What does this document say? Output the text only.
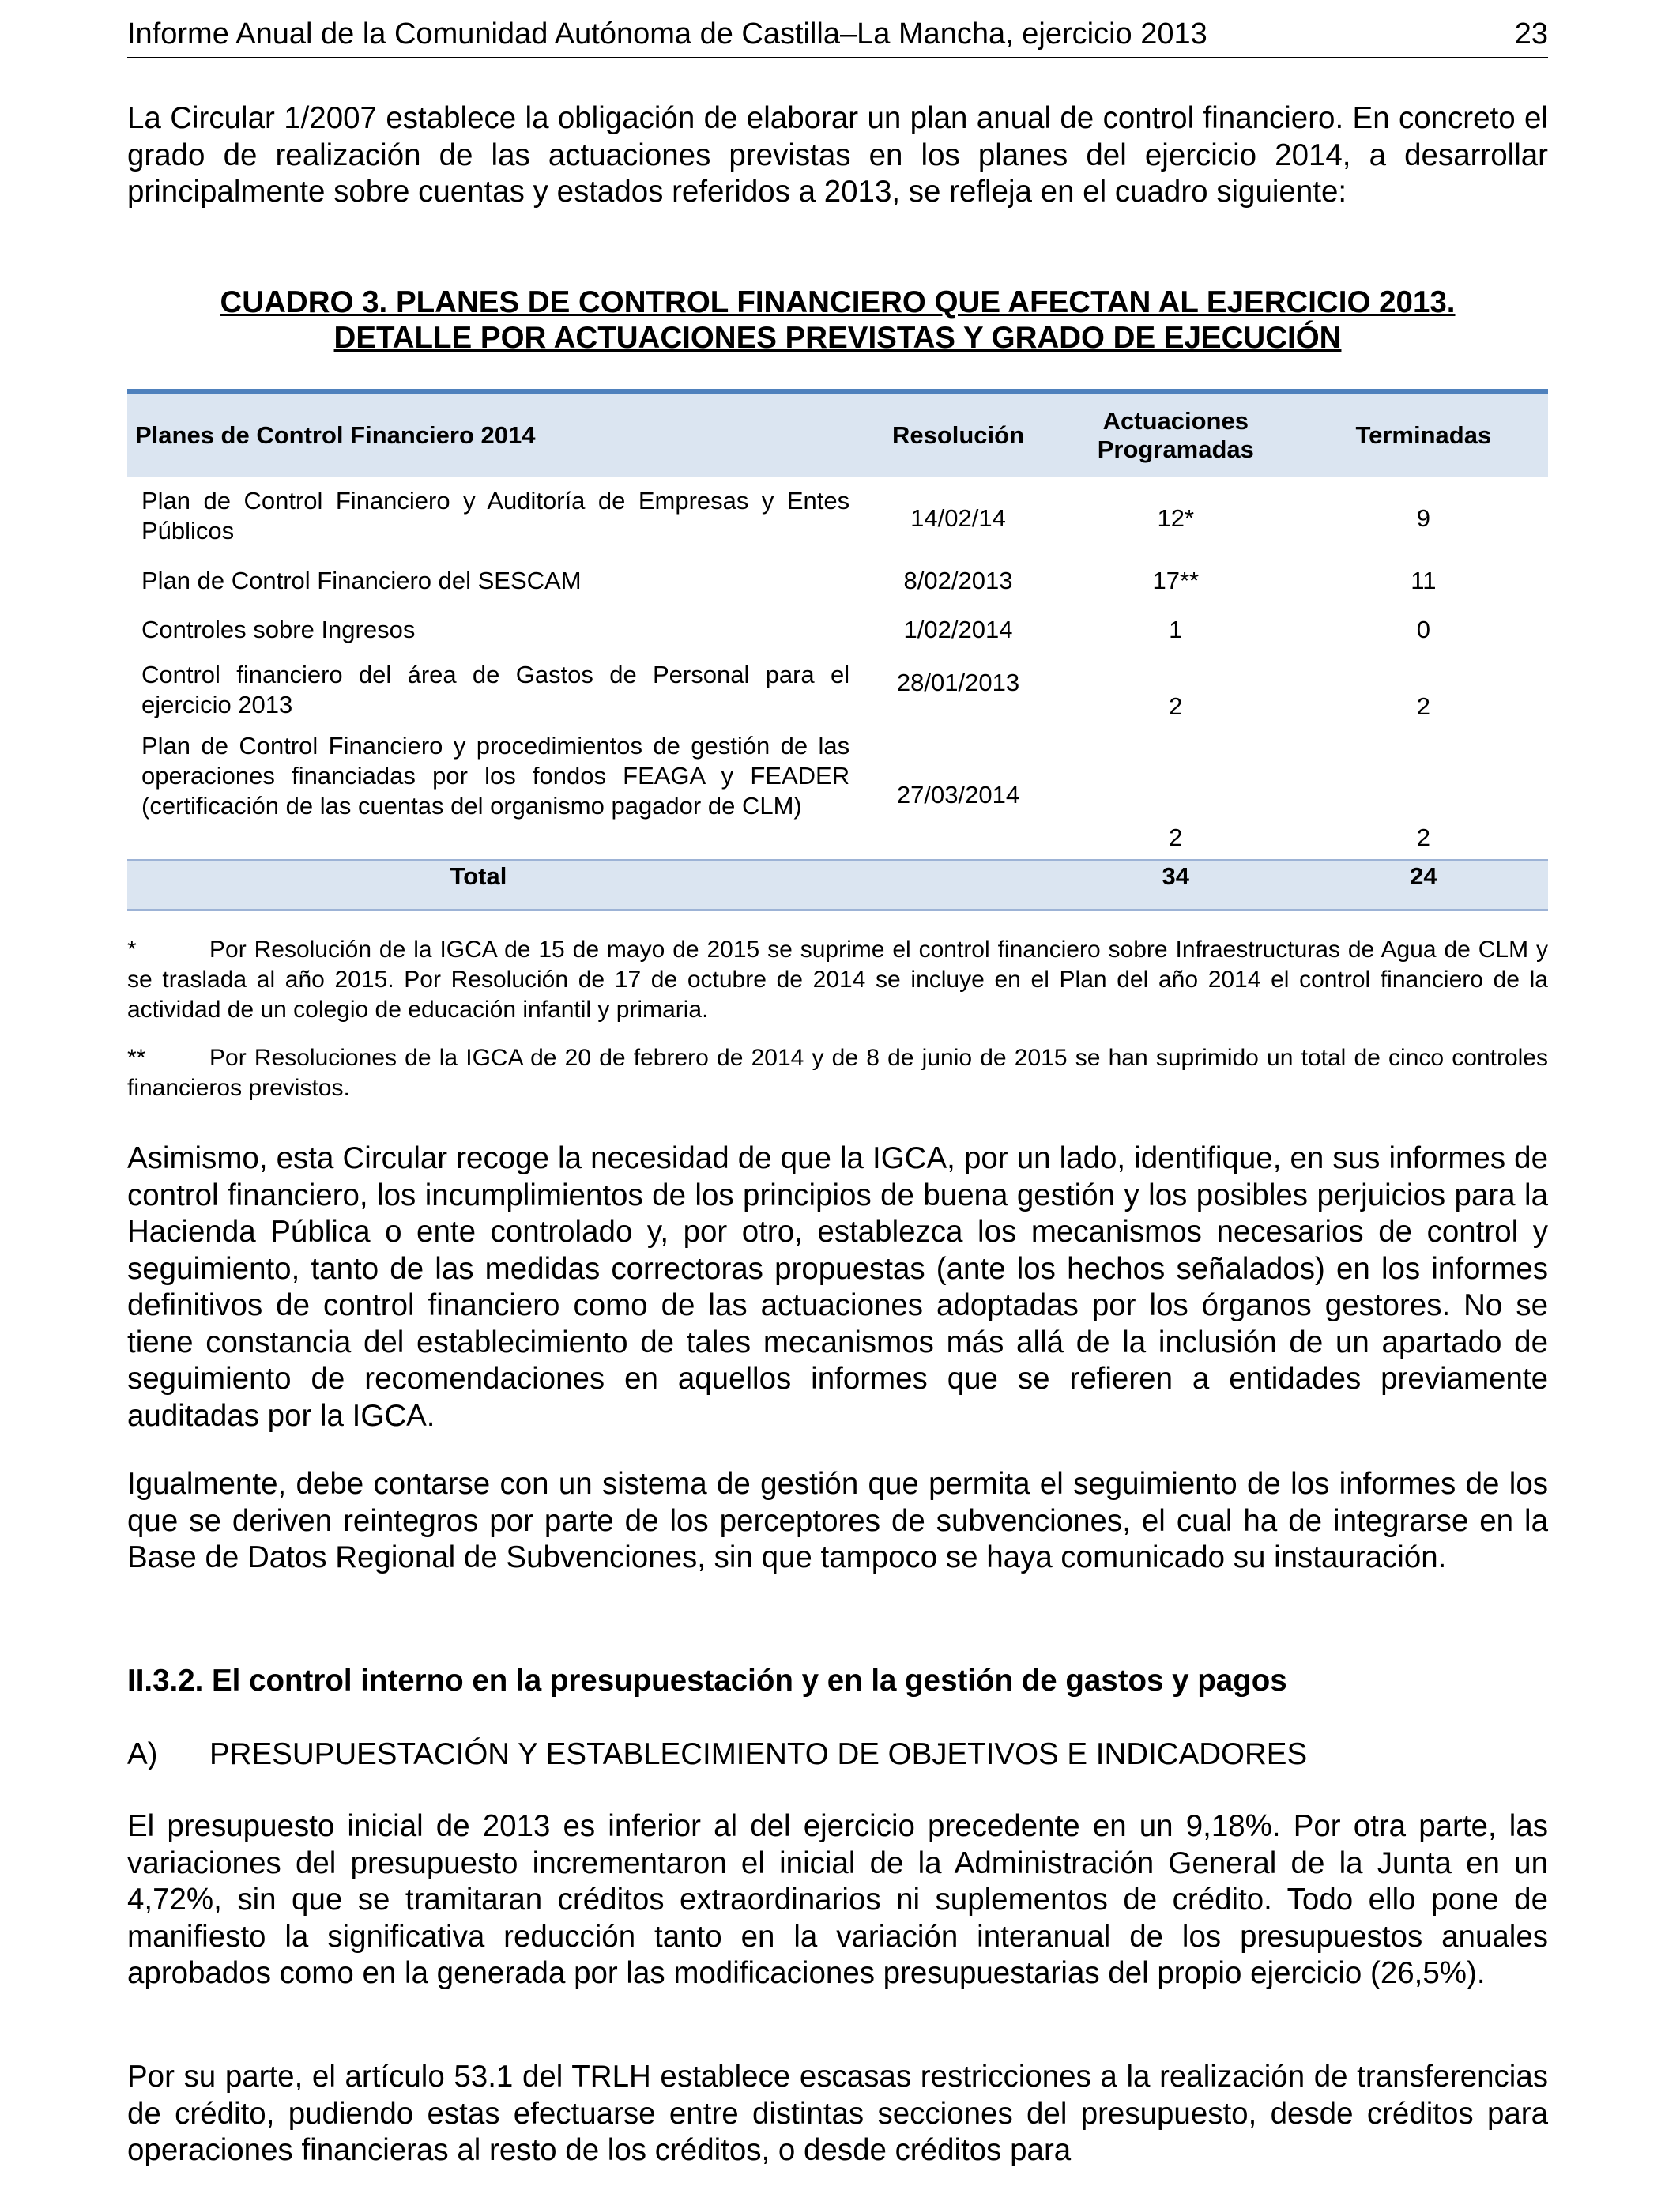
Informe Anual de la Comunidad Autónoma de Castilla–La Mancha, ejercicio 2013	23

La Circular 1/2007 establece la obligación de elaborar un plan anual de control financiero. En concreto el grado de realización de las actuaciones previstas en los planes del ejercicio 2014, a desarrollar principalmente sobre cuentas y estados referidos a 2013, se refleja en el cuadro siguiente:

CUADRO 3. PLANES DE CONTROL FINANCIERO QUE AFECTAN AL EJERCICIO 2013.
DETALLE POR ACTUACIONES PREVISTAS Y GRADO DE EJECUCIÓN
Planes de Control Financiero 2014	Resolución	Actuaciones Programadas	Terminadas
Plan de Control Financiero y Auditoría de Empresas y Entes Públicos	14/02/14	12*	9
Plan de Control Financiero del SESCAM	8/02/2013	17**	11
Controles sobre Ingresos	1/02/2014	1	0
Control financiero del área de Gastos de Personal para el ejercicio 2013	28/01/2013	2	2
Plan de Control Financiero y procedimientos de gestión de las operaciones financiadas por los fondos FEAGA y FEADER (certificación de las cuentas del organismo pagador de CLM)	27/03/2014	2	2
Total		34	24

*	Por Resolución de la IGCA de 15 de mayo de 2015 se suprime el control financiero sobre Infraestructuras de Agua de CLM y se traslada al año 2015. Por Resolución de 17 de octubre de 2014 se incluye en el Plan del año 2014 el control financiero de la actividad de un colegio de educación infantil y primaria.

**	Por Resoluciones de la IGCA de 20 de febrero de 2014 y de 8 de junio de 2015 se han suprimido un total de cinco controles financieros previstos.

Asimismo, esta Circular recoge la necesidad de que la IGCA, por un lado, identifique, en sus informes de control financiero, los incumplimientos de los principios de buena gestión y los posibles perjuicios para la Hacienda Pública o ente controlado y, por otro, establezca los mecanismos necesarios de control y seguimiento, tanto de las medidas correctoras propuestas (ante los hechos señalados) en los informes definitivos de control financiero como de las actuaciones adoptadas por los órganos gestores. No se tiene constancia del establecimiento de tales mecanismos más allá de la inclusión de un apartado de seguimiento de recomendaciones en aquellos informes que se refieren a entidades previamente auditadas por la IGCA.

Igualmente, debe contarse con un sistema de gestión que permita el seguimiento de los informes de los que se deriven reintegros por parte de los perceptores de subvenciones, el cual ha de integrarse en la Base de Datos Regional de Subvenciones, sin que tampoco se haya comunicado su instauración.

II.3.2. El control interno en la presupuestación y en la gestión de gastos y pagos

A) PRESUPUESTACIÓN Y ESTABLECIMIENTO DE OBJETIVOS E INDICADORES

El presupuesto inicial de 2013 es inferior al del ejercicio precedente en un 9,18%. Por otra parte, las variaciones del presupuesto incrementaron el inicial de la Administración General de la Junta en un 4,72%, sin que se tramitaran créditos extraordinarios ni suplementos de crédito. Todo ello pone de manifiesto la significativa reducción tanto en la variación interanual de los presupuestos anuales aprobados como en la generada por las modificaciones presupuestarias del propio ejercicio (26,5%).

Por su parte, el artículo 53.1 del TRLH establece escasas restricciones a la realización de transferencias de crédito, pudiendo estas efectuarse entre distintas secciones del presupuesto, desde créditos para operaciones financieras al resto de los créditos, o desde créditos para
